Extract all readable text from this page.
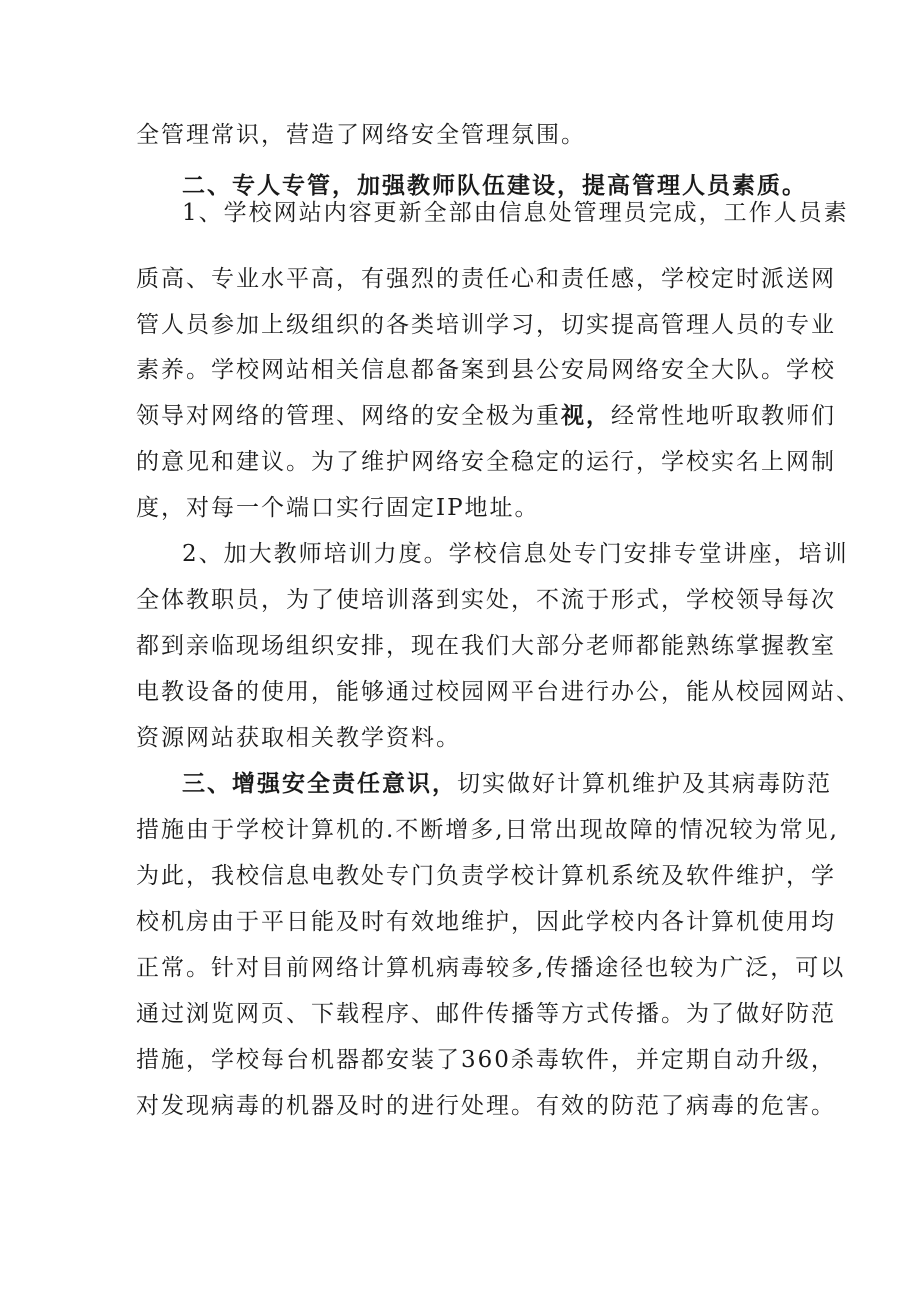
全管理常识，营造了网络安全管理氛围。
二、专人专管，加强教师队伍建设，提高管理人员素质。
1、学校网站内容更新全部由信息处管理员完成，工作人员素
质高、专业水平高，有强烈的责任心和责任感，学校定时派送网
管人员参加上级组织的各类培训学习，切实提高管理人员的专业
素养。学校网站相关信息都备案到县公安局网络安全大队。学校
领导对网络的管理、网络的安全极为重视，经常性地听取教师们
的意见和建议。为了维护网络安全稳定的运行，学校实名上网制
度，对每一个端口实行固定IP地址。
2、加大教师培训力度。学校信息处专门安排专堂讲座，培训
全体教职员，为了使培训落到实处，不流于形式，学校领导每次
都到亲临现场组织安排，现在我们大部分老师都能熟练掌握教室
电教设备的使用，能够通过校园网平台进行办公，能从校园网站、
资源网站获取相关教学资料。
三、增强安全责任意识，切实做好计算机维护及其病毒防范
措施由于学校计算机的.不断增多,日常出现故障的情况较为常见,
为此，我校信息电教处专门负责学校计算机系统及软件维护，学
校机房由于平日能及时有效地维护，因此学校内各计算机使用均
正常。针对目前网络计算机病毒较多,传播途径也较为广泛，可以
通过浏览网页、下载程序、邮件传播等方式传播。为了做好防范
措施，学校每台机器都安装了360杀毒软件，并定期自动升级，
对发现病毒的机器及时的进行处理。有效的防范了病毒的危害。
